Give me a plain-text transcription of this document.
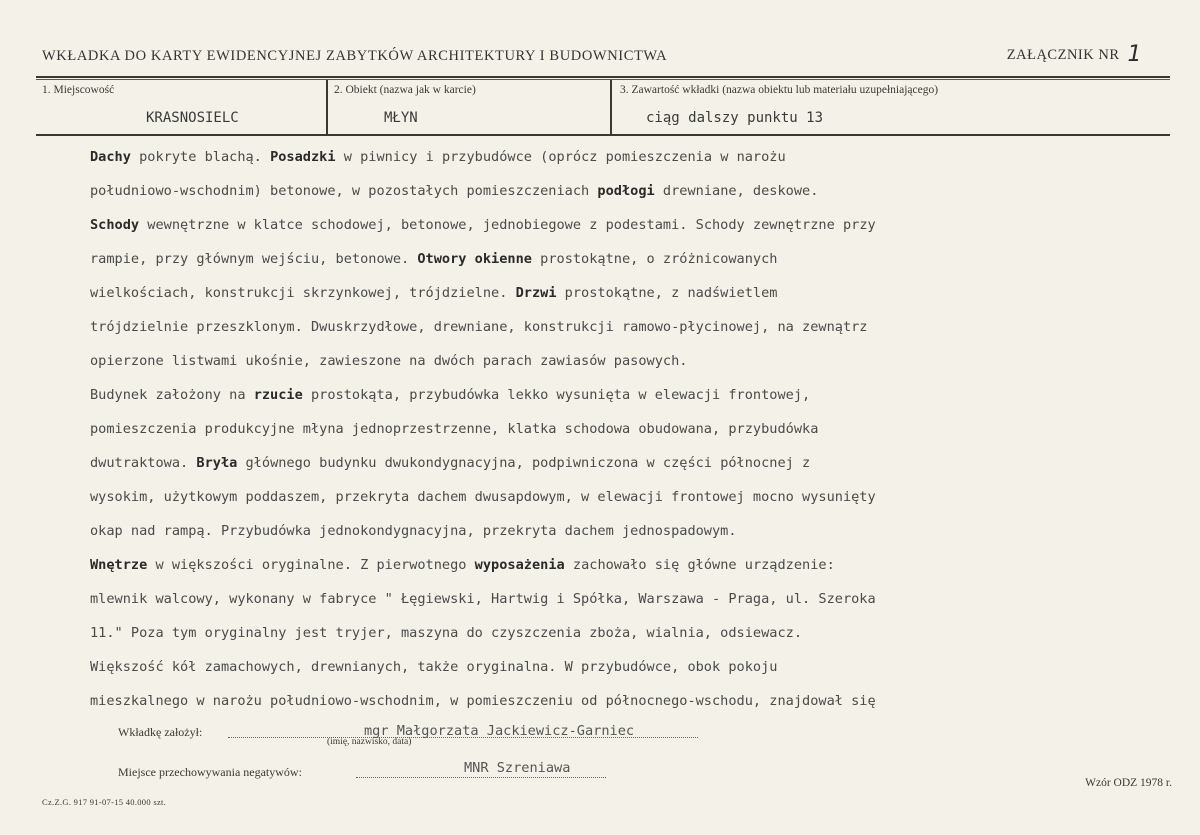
WKŁADKA DO KARTY EWIDENCYJNEJ ZABYTKÓW ARCHITEKTURY I BUDOWNICTWA	ZAŁĄCZNIK NR 1
1. Miejscowość	2. Obiekt (nazwa jak w karcie)	3. Zawartość wkładki (nazwa obiektu lub materiału uzupełniającego)
KRASNOSIELC	MŁYN	ciąg dalszy punktu 13

Dachy pokryte blachą. Posadzki w piwnicy i przybudówce (oprócz pomieszczenia w narożu

południowo-wschodnim) betonowe, w pozostałych pomieszczeniach podłogi drewniane, deskowe.

Schody wewnętrzne w klatce schodowej, betonowe, jednobiegowe z podestami. Schody zewnętrzne przy

rampie, przy głównym wejściu, betonowe. Otwory okienne prostokątne, o zróżnicowanych

wielkościach, konstrukcji skrzynkowej, trójdzielne. Drzwi prostokątne, z nadświetlem

trójdzielnie przeszklonym. Dwuskrzydłowe, drewniane, konstrukcji ramowo-płycinowej, na zewnątrz

opierzone listwami ukośnie, zawieszone na dwóch parach zawiasów pasowych.

Budynek założony na rzucie prostokąta, przybudówka lekko wysunięta w elewacji frontowej,

pomieszczenia produkcyjne młyna jednoprzestrzenne, klatka schodowa obudowana, przybudówka

dwutraktowa. Bryła głównego budynku dwukondygnacyjna, podpiwniczona w części północnej z

wysokim, użytkowym poddaszem, przekryta dachem dwusapdowym, w elewacji frontowej mocno wysunięty

okap nad rampą. Przybudówka jednokondygnacyjna, przekryta dachem jednospadowym.

Wnętrze w większości oryginalne. Z pierwotnego wyposażenia zachowało się główne urządzenie:

mlewnik walcowy, wykonany w fabryce " Łęgiewski, Hartwig i Spółka, Warszawa - Praga, ul. Szeroka

11." Poza tym oryginalny jest tryjer, maszyna do czyszczenia zboża, wialnia, odsiewacz.

Większość kół zamachowych, drewnianych, także oryginalna. W przybudówce, obok pokoju

mieszkalnego w narożu południowo-wschodnim, w pomieszczeniu od północnego-wschodu, znajdował się

Wkładkę założył:	mgr Małgorzata Jackiewicz-Garniec
(imię, nazwisko, data)
Miejsce przechowywania negatywów:	MNR Szreniawa
Cz.Z.G. 917 91-07-15 40.000 szt.
Wzór ODZ 1978 r.
